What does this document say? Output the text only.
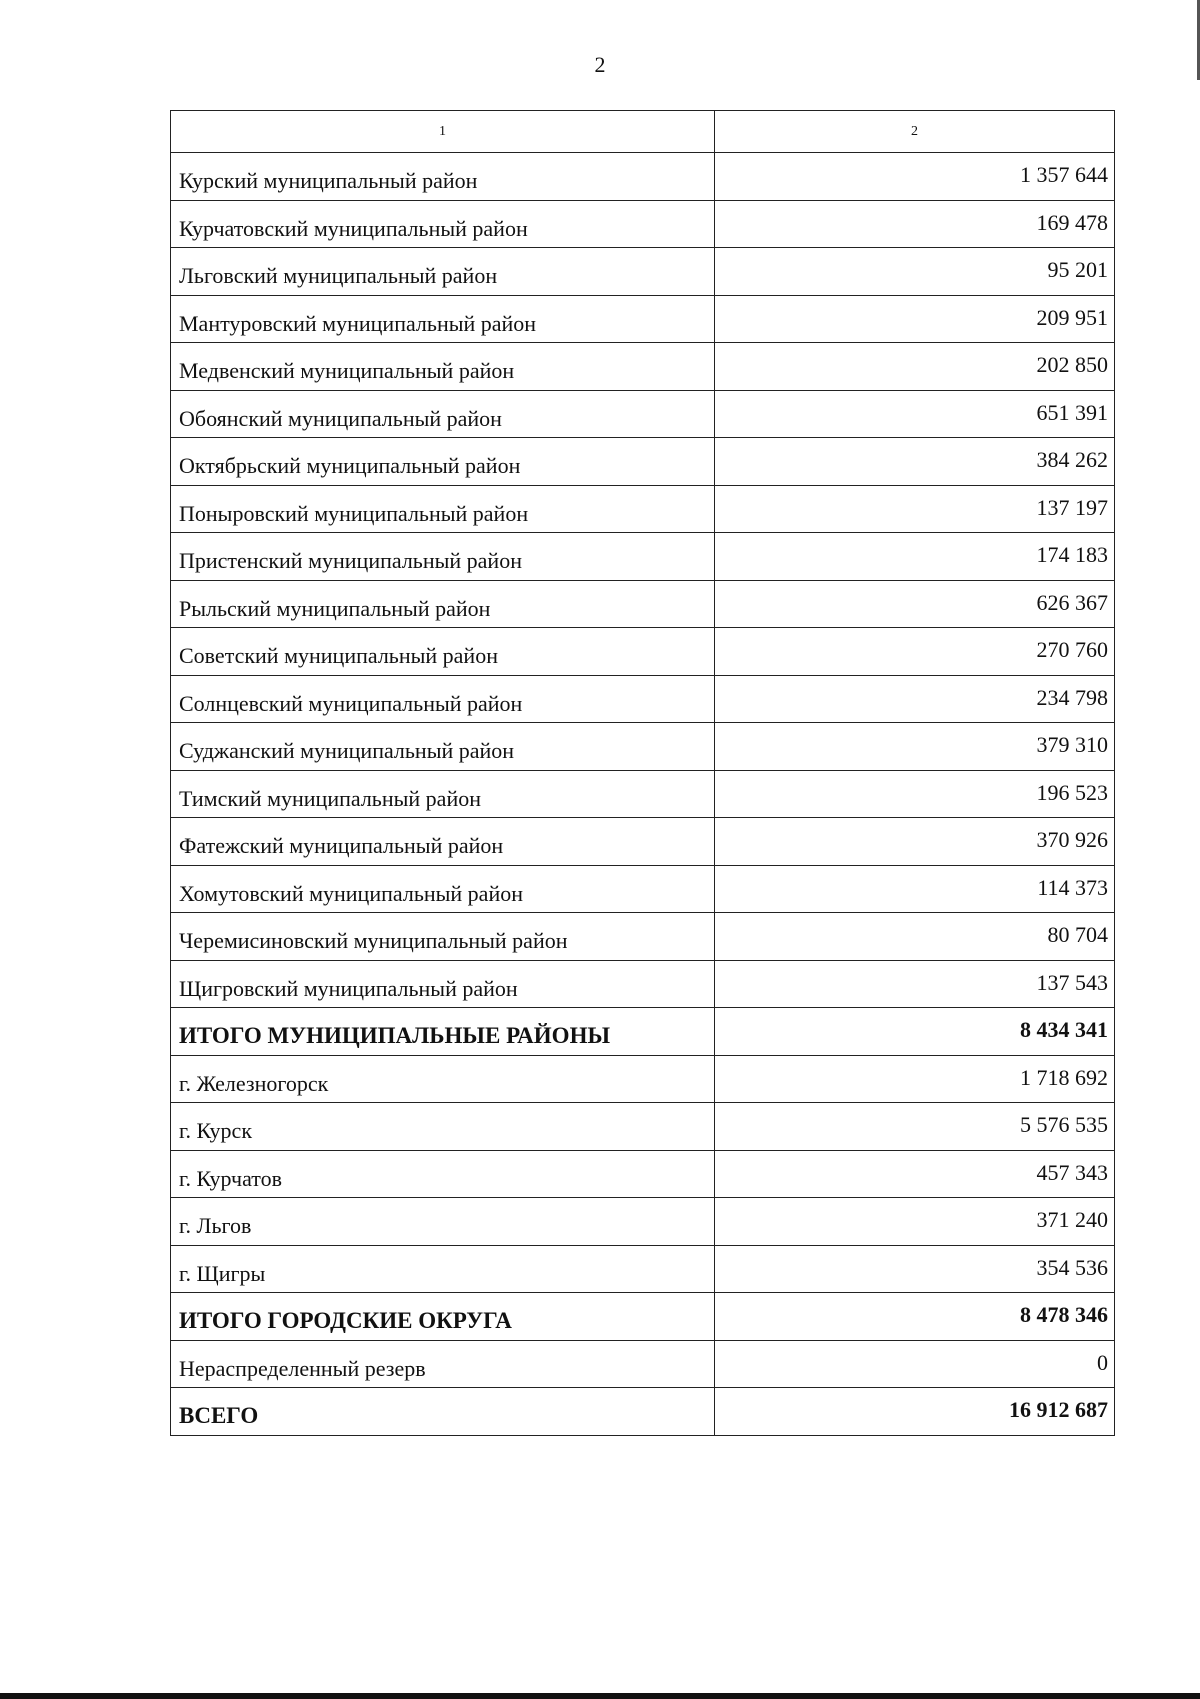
2
1	2
Курский муниципальный район	1 357 644
Курчатовский муниципальный район	169 478
Льговский муниципальный район	95 201
Мантуровский муниципальный район	209 951
Медвенский муниципальный район	202 850
Обоянский муниципальный район	651 391
Октябрьский муниципальный район	384 262
Поныровский муниципальный район	137 197
Пристенский муниципальный район	174 183
Рыльский муниципальный район	626 367
Советский муниципальный район	270 760
Солнцевский муниципальный район	234 798
Суджанский муниципальный район	379 310
Тимский муниципальный район	196 523
Фатежский муниципальный район	370 926
Хомутовский муниципальный район	114 373
Черемисиновский муниципальный район	80 704
Щигровский муниципальный район	137 543
ИТОГО МУНИЦИПАЛЬНЫЕ РАЙОНЫ	8 434 341
г. Железногорск	1 718 692
г. Курск	5 576 535
г. Курчатов	457 343
г. Льгов	371 240
г. Щигры	354 536
ИТОГО ГОРОДСКИЕ ОКРУГА	8 478 346
Нераспределенный резерв	0
ВСЕГО	16 912 687
